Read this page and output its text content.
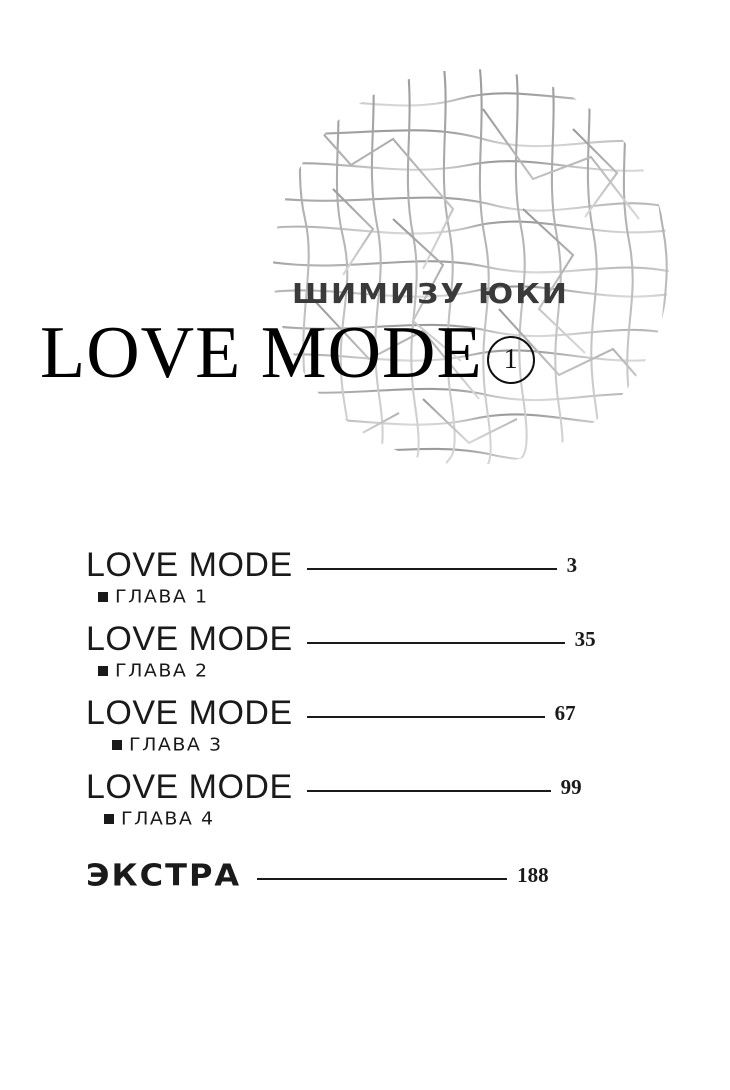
ШИМИЗУ ЮКИ
LOVE MODE 1
LOVE MODE	3
ГЛАВА 1
LOVE MODE	35
ГЛАВА 2
LOVE MODE	67
ГЛАВА 3
LOVE MODE	99
ГЛАВА 4
ЭКСТРА	188
